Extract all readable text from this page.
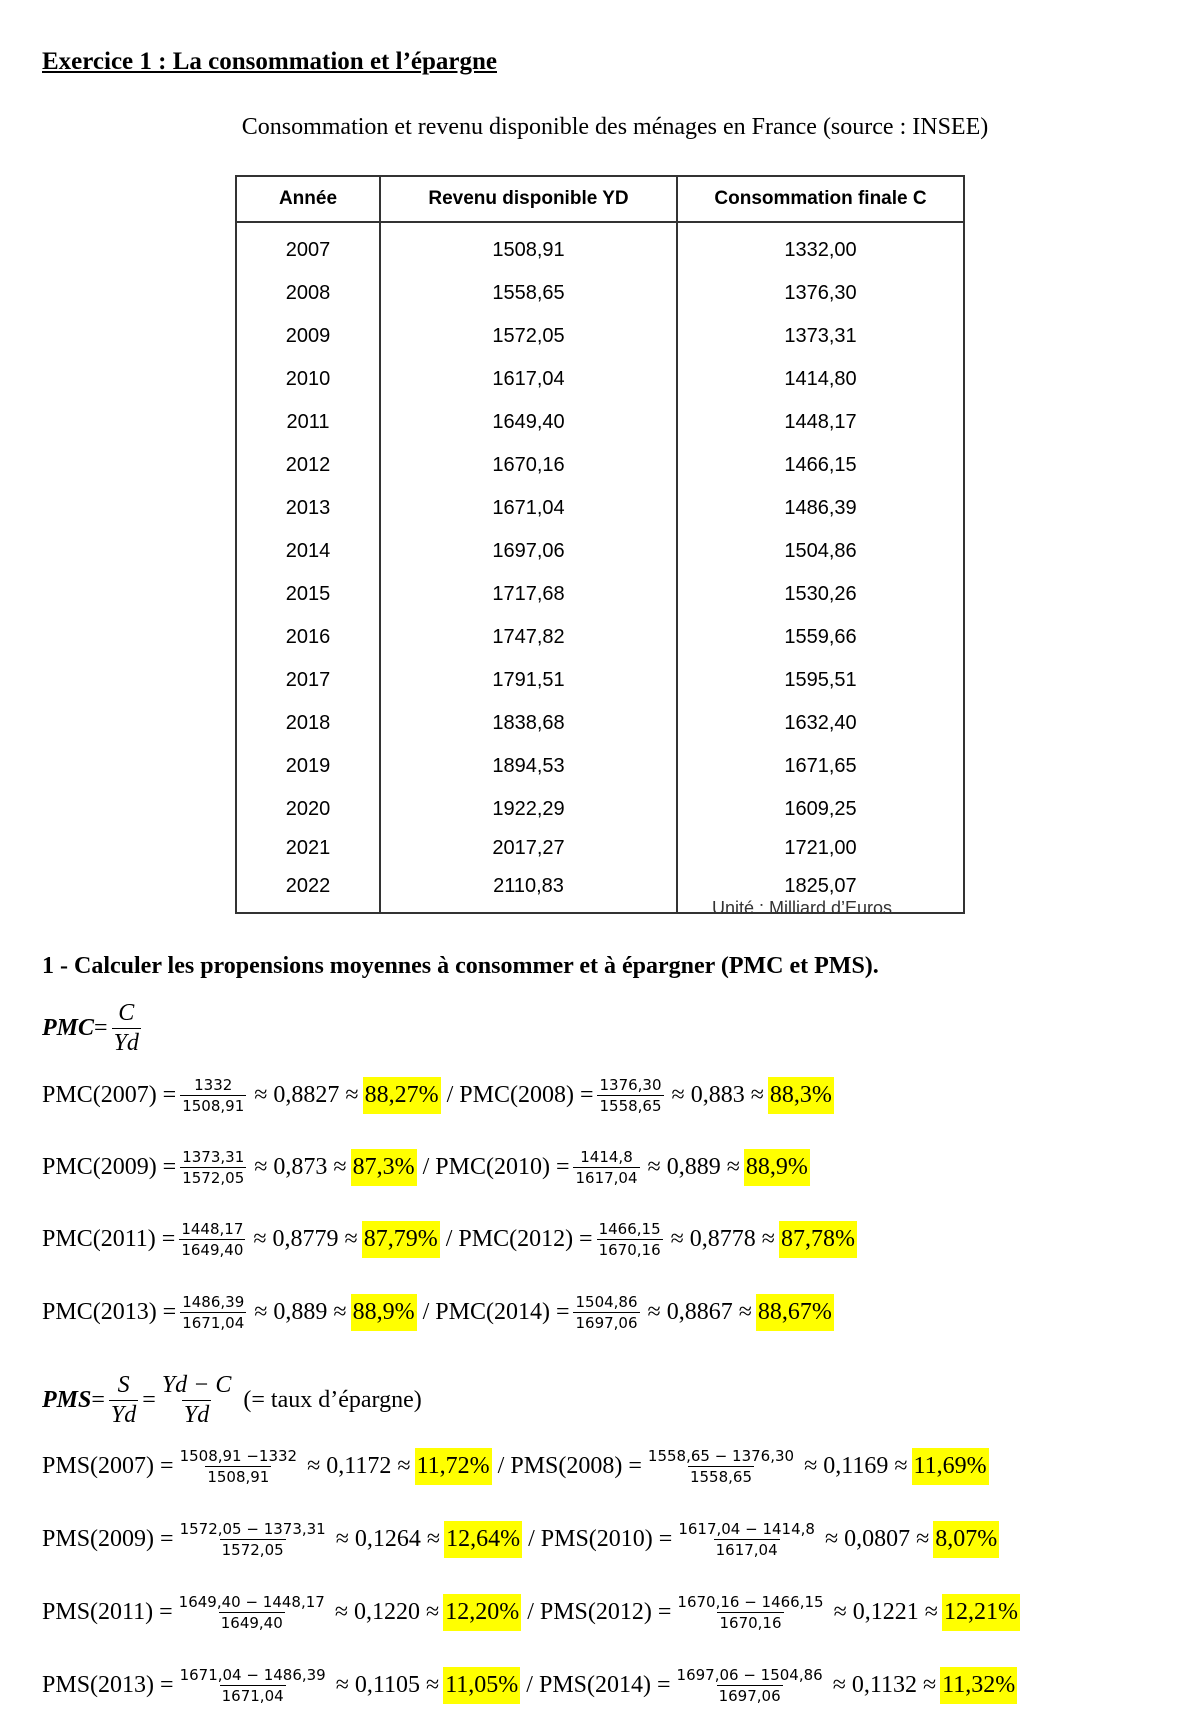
Exercice 1 : La consommation et l’épargne
Consommation et revenu disponible des ménages en France (source : INSEE)
Année	Revenu disponible YD	Consommation finale C
2007	1508,91	1332,00
2008	1558,65	1376,30
2009	1572,05	1373,31
2010	1617,04	1414,80
2011	1649,40	1448,17
2012	1670,16	1466,15
2013	1671,04	1486,39
2014	1697,06	1504,86
2015	1717,68	1530,26
2016	1747,82	1559,66
2017	1791,51	1595,51
2018	1838,68	1632,40
2019	1894,53	1671,65
2020	1922,29	1609,25
2021	2017,27	1721,00
2022	2110,83	1825,07
Unité : Milliard d’Euros
1 - Calculer les propensions moyennes à consommer et à épargner (PMC et PMS).
PMC = $\frac{C}{Yd}$
$PMC(2007) = \frac{1332}{1508,91} \approx 0,8827 \approx 88,27\% / PMC(2008) = \frac{1376,30}{1558,65} \approx 0,883 \approx 88,3\%$
$PMC(2009) = \frac{1373,31}{1572,05} \approx 0,873 \approx 87,3\% / PMC(2010) = \frac{1414,8}{1617,04} \approx 0,889 \approx 88,9\%$
$PMC(2011) = \frac{1448,17}{1649,40} \approx 0,8779 \approx 87,79\% / PMC(2012) = \frac{1466,15}{1670,16} \approx 0,8778 \approx 87,78\%$
$PMC(2013) = \frac{1486,39}{1671,04} \approx 0,889 \approx 88,9\% / PMC(2014) = \frac{1504,86}{1697,06} \approx 0,8867 \approx 88,67\%$
PMS = $\frac{S}{Yd} = \frac{Yd - C}{Yd}$ (= taux d’épargne)
$PMS(2007) = \frac{1508,91 -1332}{1508,91} \approx 0,1172 \approx 11,72\% / PMS(2008) = \frac{1558,65 - 1376,30}{1558,65} \approx 0,1169 \approx 11,69\%$
$PMS(2009) = \frac{1572,05 - 1373,31}{1572,05} \approx 0,1264 \approx 12,64\% / PMS(2010) = \frac{1617,04 - 1414,8}{1617,04} \approx 0,0807 \approx 8,07\%$
$PMS(2011) = \frac{1649,40 - 1448,17}{1649,40} \approx 0,1220 \approx 12,20\% / PMS(2012) = \frac{1670,16 - 1466,15}{1670,16} \approx 0,1221 \approx 12,21\%$
$PMS(2013) = \frac{1671,04 - 1486,39}{1671,04} \approx 0,1105 \approx 11,05\% / PMS(2014) = \frac{1697,06 - 1504,86}{1697,06} \approx 0,1132 \approx 11,32\%$
